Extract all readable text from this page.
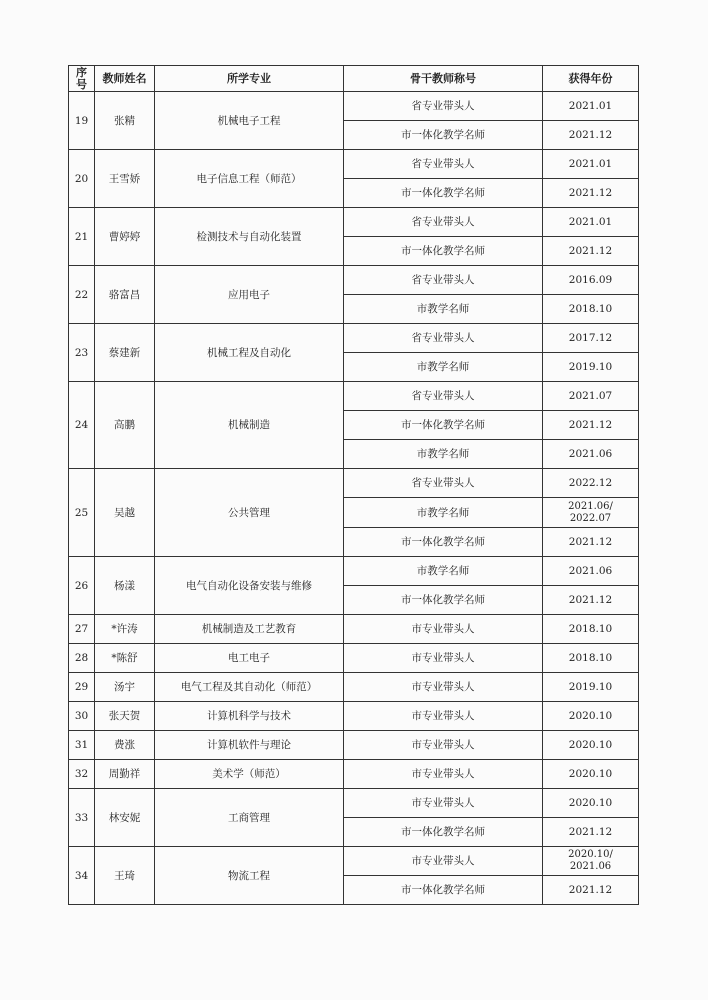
序号	教师姓名	所学专业	骨干教师称号	获得年份
19	张精	机械电子工程	省专业带头人	2021.01
			市一体化教学名师	2021.12
20	王雪娇	电子信息工程（师范）	省专业带头人	2021.01
			市一体化教学名师	2021.12
21	曹婷婷	检测技术与自动化装置	省专业带头人	2021.01
			市一体化教学名师	2021.12
22	骆富昌	应用电子	省专业带头人	2016.09
			市教学名师	2018.10
23	蔡建新	机械工程及自动化	省专业带头人	2017.12
			市教学名师	2019.10
24	高鹏	机械制造	省专业带头人	2021.07
			市一体化教学名师	2021.12
			市教学名师	2021.06
25	吴越	公共管理	省专业带头人	2022.12
			市教学名师	2021.06/
2022.07

			市一体化教学名师	2021.12
26	杨漾	电气自动化设备安装与维修	市教学名师	2021.06
			市一体化教学名师	2021.12
27	*许涛	机械制造及工艺教育	市专业带头人	2018.10
28	*陈舒	电工电子	市专业带头人	2018.10
29	汤宇	电气工程及其自动化（师范）	市专业带头人	2019.10
30	张天贺	计算机科学与技术	市专业带头人	2020.10
31	费涨	计算机软件与理论	市专业带头人	2020.10
32	周勤祥	美术学（师范）	市专业带头人	2020.10
33	林安妮	工商管理	市专业带头人	2020.10
			市一体化教学名师	2021.12
34	王琦	物流工程	市专业带头人	2020.10/
2021.06

			市一体化教学名师	2021.12
